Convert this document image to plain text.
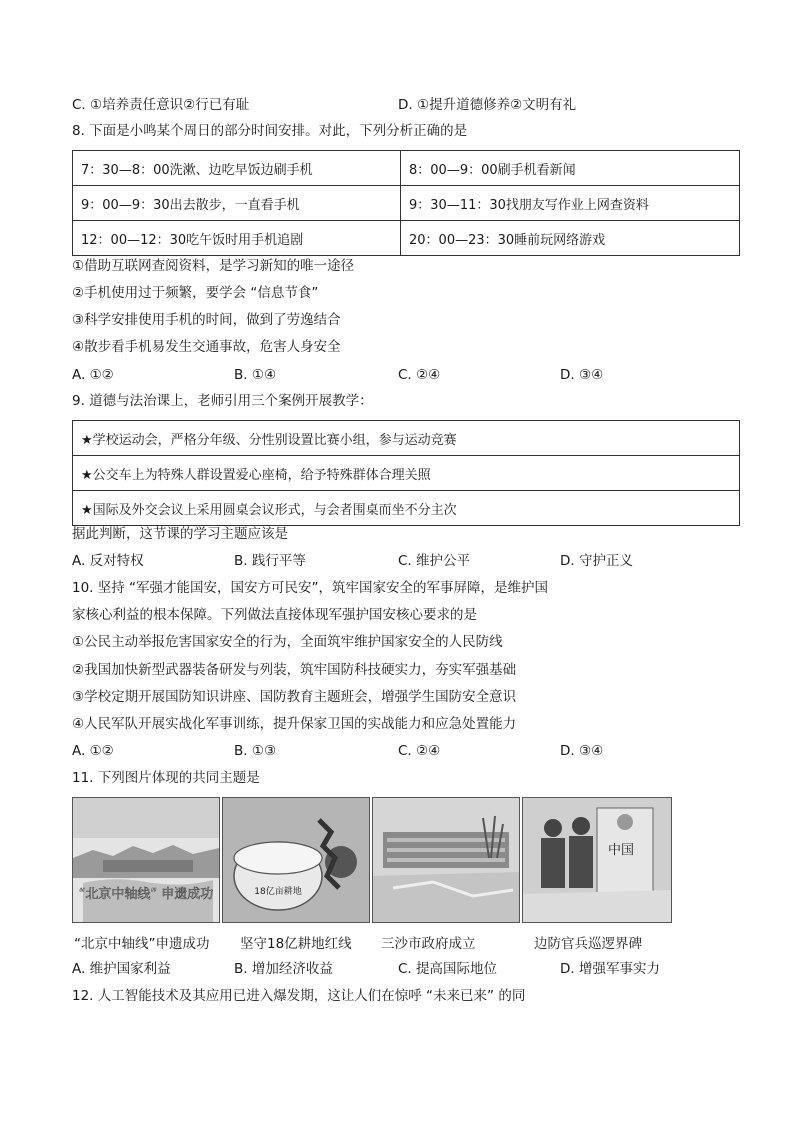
C. ①培养责任意识②行已有耻	D. ①提升道德修养②文明有礼
8. 下面是小鸣某个周日的部分时间安排。对此，下列分析正确的是
7：30—8：00洗漱、边吃早饭边刷手机	8：00—9：00刷手机看新闻
9：00—9：30出去散步，一直看手机	9：30—11：30找朋友写作业上网查资料
12：00—12：30吃午饭时用手机追剧	20：00—23：30睡前玩网络游戏
①借助互联网查阅资料，是学习新知的唯一途径
②手机使用过于频繁，要学会 “信息节食”
③科学安排使用手机的时间，做到了劳逸结合
④散步看手机易发生交通事故，危害人身安全
A. ①②	B. ①④	C. ②④	D. ③④
9. 道德与法治课上，老师引用三个案例开展教学：
★学校运动会，严格分年级、分性别设置比赛小组，参与运动竞赛
★公交车上为特殊人群设置爱心座椅，给予特殊群体合理关照
★国际及外交会议上采用圆桌会议形式，与会者围桌而坐不分主次
据此判断，这节课的学习主题应该是
A. 反对特权	B. 践行平等	C. 维护公平	D. 守护正义
10. 坚持 “军强才能国安，国安方可民安”，筑牢国家安全的军事屏障，是维护国
家核心利益的根本保障。下列做法直接体现军强护国安核心要求的是
①公民主动举报危害国家安全的行为，全面筑牢维护国家安全的人民防线
②我国加快新型武器装备研发与列装，筑牢国防科技硬实力，夯实军强基础
③学校定期开展国防知识讲座、国防教育主题班会，增强学生国防安全意识
④人民军队开展实战化军事训练，提升保家卫国的实战能力和应急处置能力
A. ①②	B. ①③	C. ②④	D. ③④
11. 下列图片体现的共同主题是
“北京中轴线” 申遗成功	18亿亩耕地
中国
“北京中轴线”申遗成功 坚守18亿耕地红线 三沙市政府成立	边防官兵巡逻界碑
A. 维护国家利益	B. 增加经济收益	C. 提高国际地位	D. 增强军事实力
12. 人工智能技术及其应用已进入爆发期，这让人们在惊呼 “未来已来” 的同
